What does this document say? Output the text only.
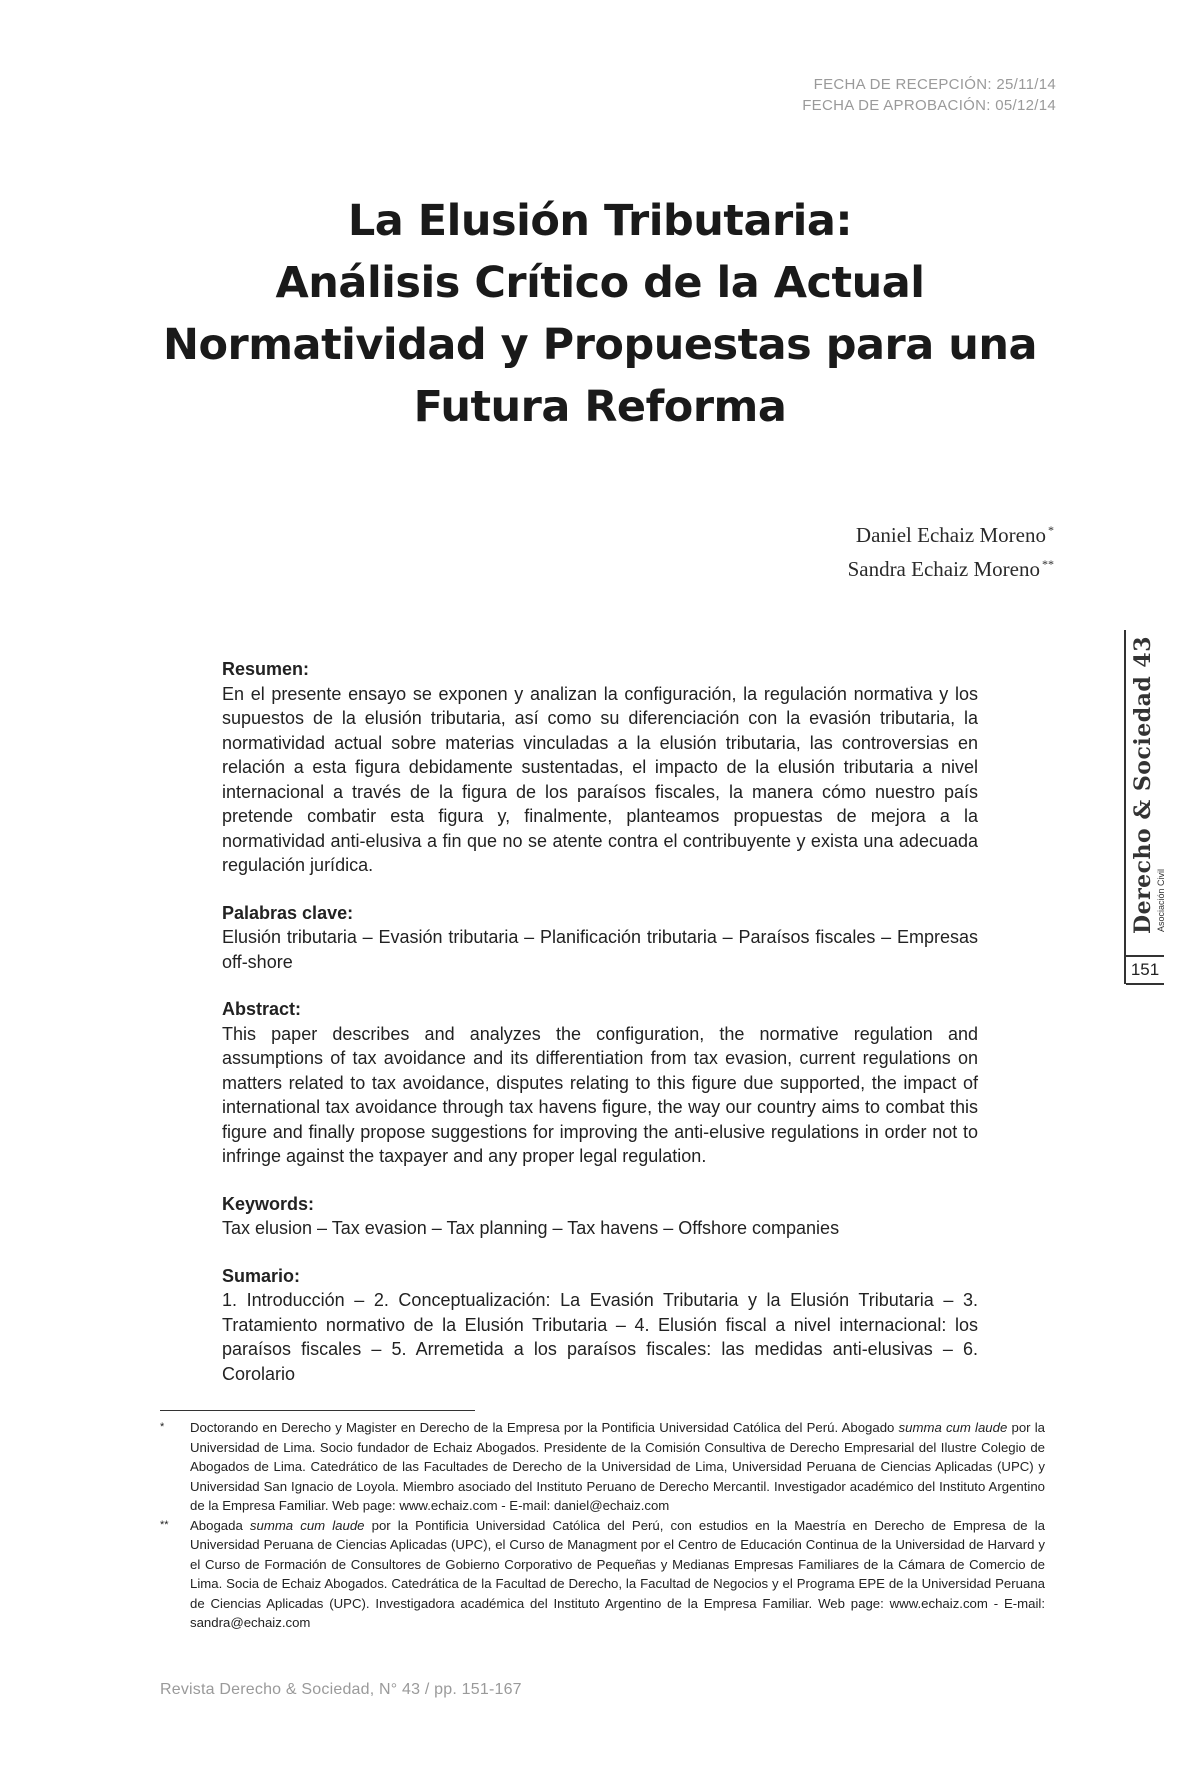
FECHA DE RECEPCIÓN: 25/11/14
FECHA DE APROBACIÓN: 05/12/14
La Elusión Tributaria:
Análisis Crítico de la Actual
Normatividad y Propuestas para una
Futura Reforma
Daniel Echaiz Moreno *
Sandra Echaiz Moreno **

Resumen:

En el presente ensayo se exponen y analizan la configuración, la regulación normativa y los supuestos de la elusión tributaria, así como su diferenciación con la evasión tributaria, la normatividad actual sobre materias vinculadas a la elusión tributaria, las controversias en relación a esta figura debidamente sustentadas, el impacto de la elusión tributaria a nivel internacional a través de la figura de los paraísos fiscales, la manera cómo nuestro país pretende combatir esta figura y, finalmente, planteamos propuestas de mejora a la normatividad anti-elusiva a fin que no se atente contra el contribuyente y exista una adecuada regulación jurídica.

Palabras clave:

Elusión tributaria – Evasión tributaria – Planificación tributaria – Paraísos fiscales – Empresas off-shore

Abstract:

This paper describes and analyzes the configuration, the normative regulation and assumptions of tax avoidance and its differentiation from tax evasion, current regulations on matters related to tax avoidance, disputes relating to this figure due supported, the impact of international tax avoidance through tax havens figure, the way our country aims to combat this figure and finally propose suggestions for improving the anti-elusive regulations in order not to infringe against the taxpayer and any proper legal regulation.

Keywords:

Tax elusion – Tax evasion – Tax planning – Tax havens – Offshore companies

Sumario:

1. Introducción – 2. Conceptualización: La Evasión Tributaria y la Elusión Tributaria – 3. Tratamiento normativo de la Elusión Tributaria – 4. Elusión fiscal a nivel internacional: los paraísos fiscales – 5. Arremetida a los paraísos fiscales: las medidas anti-elusivas – 6. Corolario

Derecho & Sociedad 43 Asociación Civil
151

* Doctorando en Derecho y Magister en Derecho de la Empresa por la Pontificia Universidad Católica del Perú. Abogado summa cum laude por la Universidad de Lima. Socio fundador de Echaiz Abogados. Presidente de la Comisión Consultiva de Derecho Empresarial del Ilustre Colegio de Abogados de Lima. Catedrático de las Facultades de Derecho de la Universidad de Lima, Universidad Peruana de Ciencias Aplicadas (UPC) y Universidad San Ignacio de Loyola. Miembro asociado del Instituto Peruano de Derecho Mercantil. Investigador académico del Instituto Argentino de la Empresa Familiar. Web page: www.echaiz.com - E-mail: daniel@echaiz.com

** Abogada summa cum laude por la Pontificia Universidad Católica del Perú, con estudios en la Maestría en Derecho de Empresa de la Universidad Peruana de Ciencias Aplicadas (UPC), el Curso de Managment por el Centro de Educación Continua de la Universidad de Harvard y el Curso de Formación de Consultores de Gobierno Corporativo de Pequeñas y Medianas Empresas Familiares de la Cámara de Comercio de Lima. Socia de Echaiz Abogados. Catedrática de la Facultad de Derecho, la Facultad de Negocios y el Programa EPE de la Universidad Peruana de Ciencias Aplicadas (UPC). Investigadora académica del Instituto Argentino de la Empresa Familiar. Web page: www.echaiz.com - E-mail: sandra@echaiz.com

Revista Derecho & Sociedad, N° 43 / pp. 151-167
